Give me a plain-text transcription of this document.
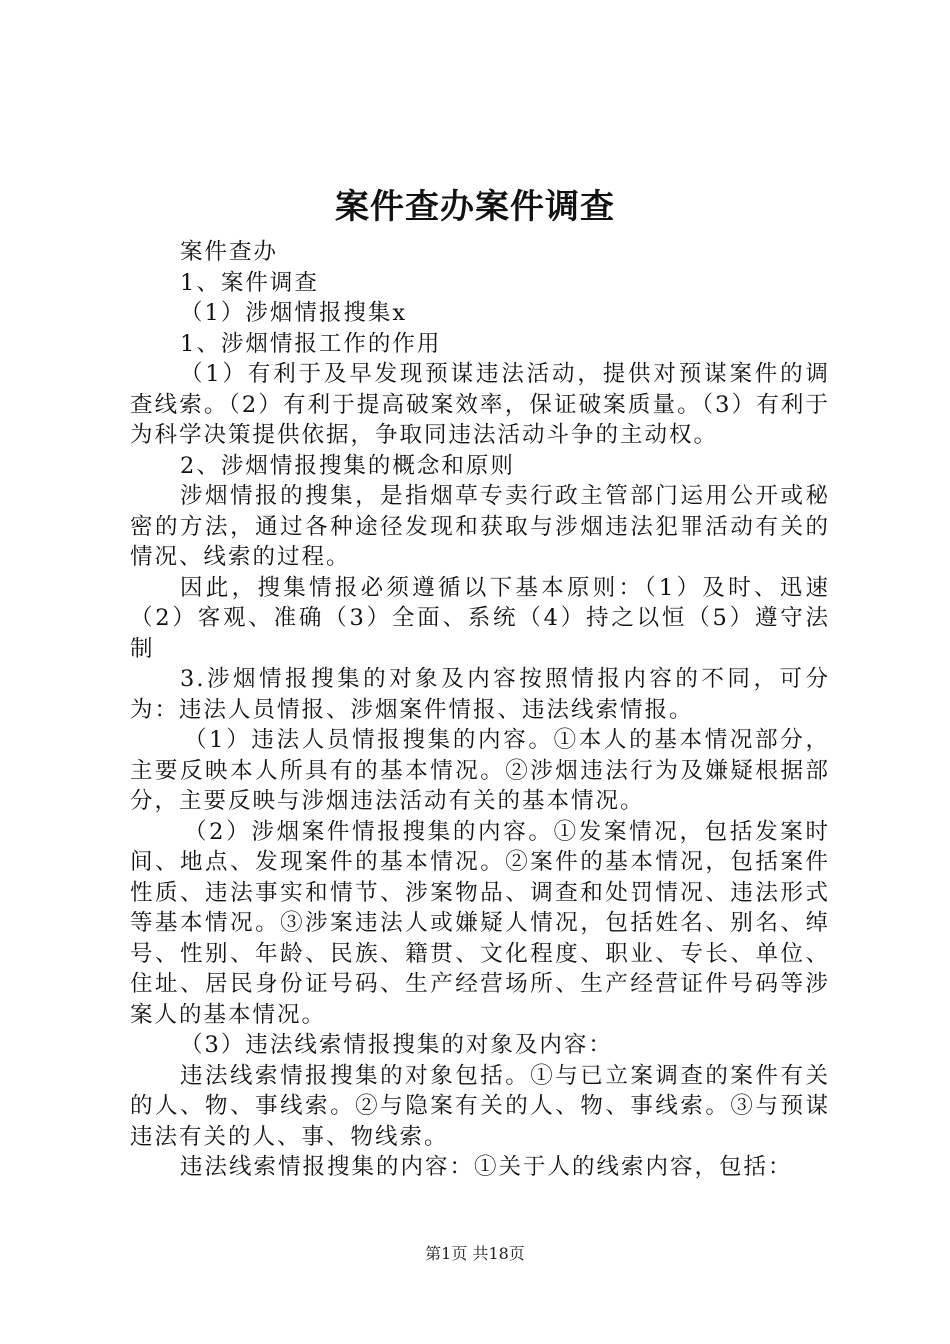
案件查办案件调查

案件查办

1、案件调查

（1）涉烟情报搜集x

1、涉烟情报工作的作用

（1）有利于及早发现预谋违法活动，提供对预谋案件的调查线索。（2）有利于提高破案效率，保证破案质量。（3）有利于为科学决策提供依据，争取同违法活动斗争的主动权。

2、涉烟情报搜集的概念和原则

涉烟情报的搜集，是指烟草专卖行政主管部门运用公开或秘密的方法，通过各种途径发现和获取与涉烟违法犯罪活动有关的情况、线索的过程。

因此，搜集情报必须遵循以下基本原则：（1）及时、迅速（2）客观、准确（3）全面、系统（4）持之以恒（5）遵守法制

3.涉烟情报搜集的对象及内容按照情报内容的不同，可分为：违法人员情报、涉烟案件情报、违法线索情报。

（1）违法人员情报搜集的内容。①本人的基本情况部分，主要反映本人所具有的基本情况。②涉烟违法行为及嫌疑根据部分，主要反映与涉烟违法活动有关的基本情况。

（2）涉烟案件情报搜集的内容。①发案情况，包括发案时间、地点、发现案件的基本情况。②案件的基本情况，包括案件性质、违法事实和情节、涉案物品、调查和处罚情况、违法形式等基本情况。③涉案违法人或嫌疑人情况，包括姓名、别名、绰号、性别、年龄、民族、籍贯、文化程度、职业、专长、单位、住址、居民身份证号码、生产经营场所、生产经营证件号码等涉案人的基本情况。

（3）违法线索情报搜集的对象及内容：

违法线索情报搜集的对象包括。①与已立案调查的案件有关的人、物、事线索。②与隐案有关的人、物、事线索。③与预谋违法有关的人、事、物线索。

违法线索情报搜集的内容：①关于人的线索内容，包括：

第1页 共18页
